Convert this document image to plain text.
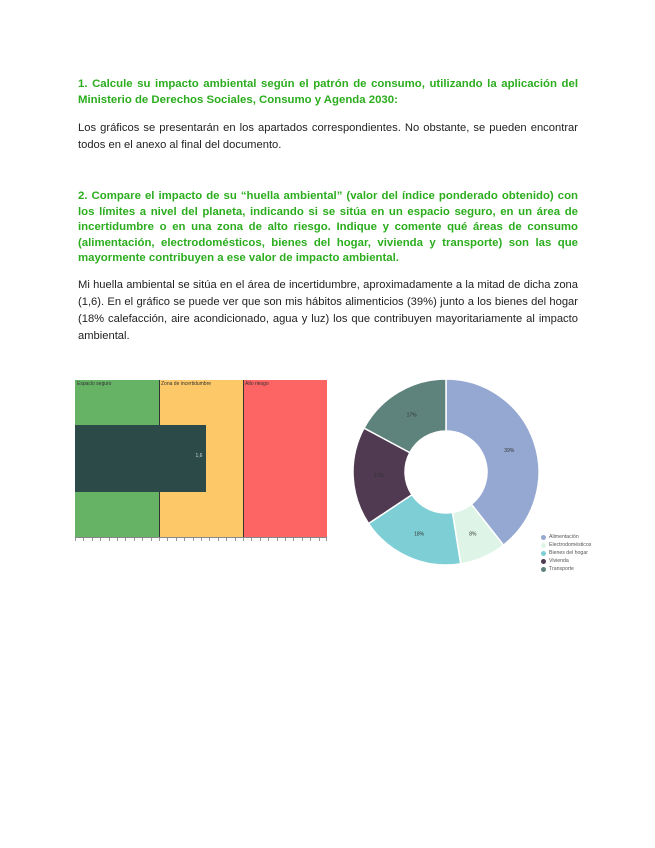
1. Calcule su impacto ambiental según el patrón de consumo, utilizando la aplicación del Ministerio de Derechos Sociales, Consumo y Agenda 2030:

Los gráficos se presentarán en los apartados correspondientes. No obstante, se pueden encontrar todos en el anexo al final del documento.

2. Compare el impacto de su “huella ambiental” (valor del índice ponderado obtenido) con los límites a nivel del planeta, indicando si se sitúa en un espacio seguro, en un área de incertidumbre o en una zona de alto riesgo. Indique y comente qué áreas de consumo (alimentación, electrodomésticos, bienes del hogar, vivienda y transporte) son las que mayormente contribuyen a ese valor de impacto ambiental.

Mi huella ambiental se sitúa en el área de incertidumbre, aproximadamente a la mitad de dicha zona (1,6). En el gráfico se puede ver que son mis hábitos alimenticios (39%) junto a los bienes del hogar (18% calefacción, aire acondicionado, agua y luz) los que contribuyen mayoritariamente al impacto ambiental.

Espacio seguro	Zona de incertidumbre	Alto riesgo
1,6
39%
8%
18%
17%
17%
Alimentación
Electrodomésticos
Bienes del hogar
Vivienda
Transporte
